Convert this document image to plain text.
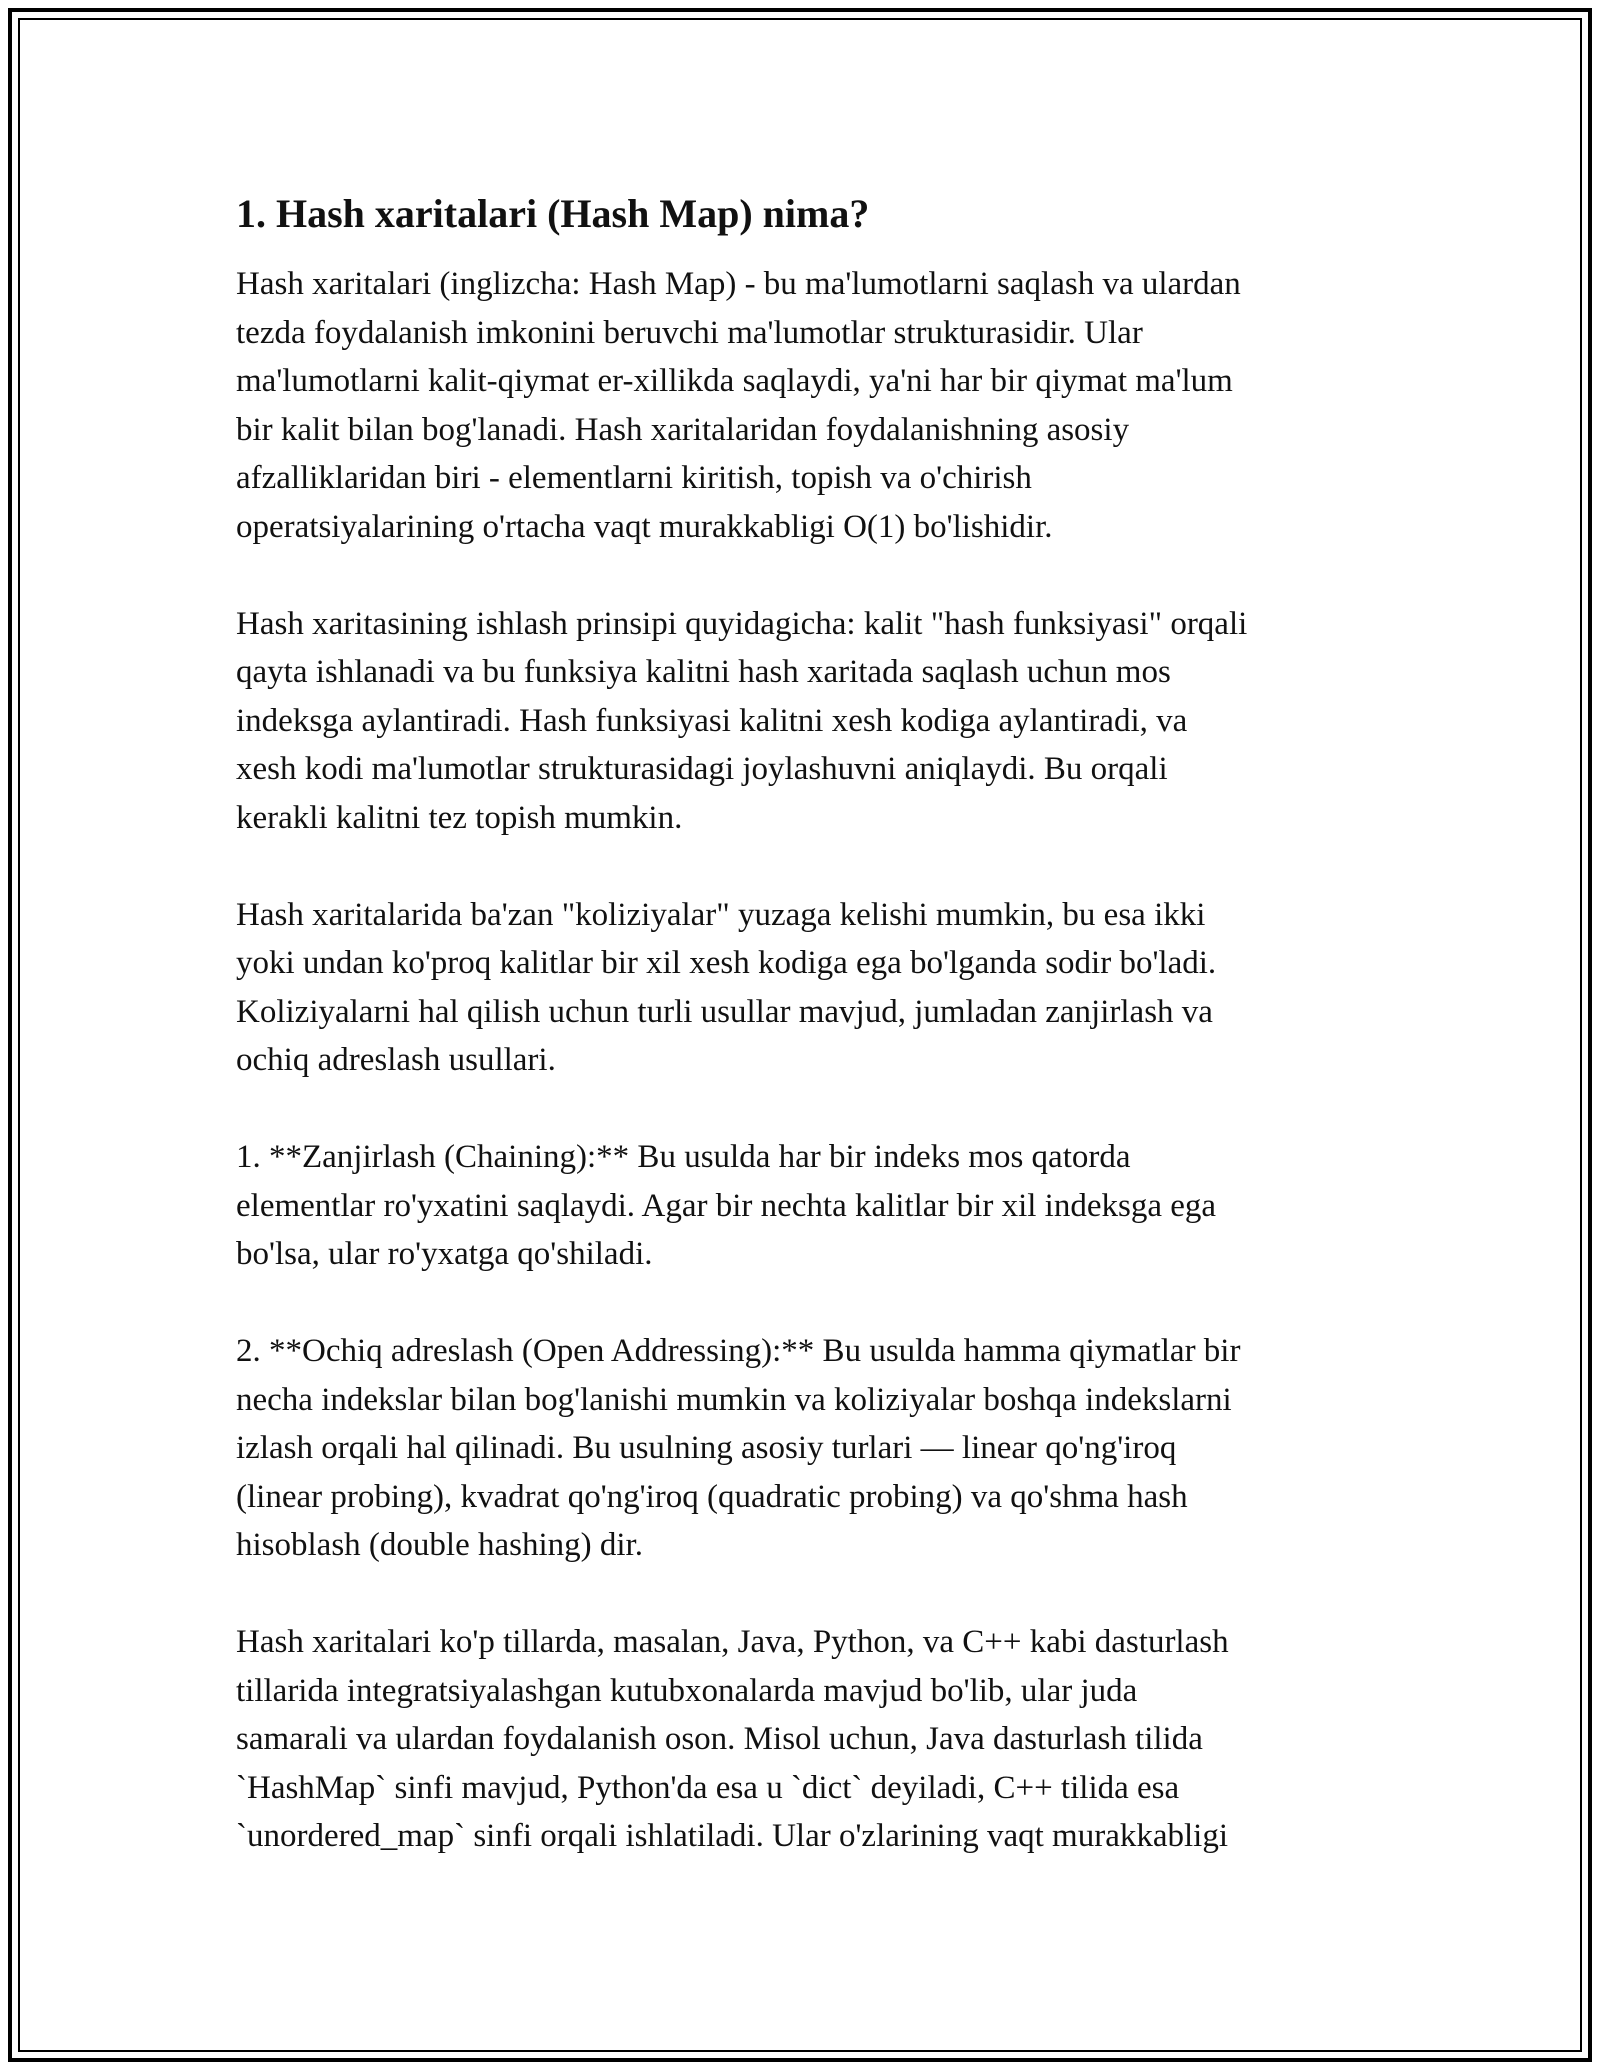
1. Hash xaritalari (Hash Map) nima?

Hash xaritalari (inglizcha: Hash Map) - bu ma'lumotlarni saqlash va ulardan
tezda foydalanish imkonini beruvchi ma'lumotlar strukturasidir. Ular
ma'lumotlarni kalit-qiymat er-xillikda saqlaydi, ya'ni har bir qiymat ma'lum
bir kalit bilan bog'lanadi. Hash xaritalaridan foydalanishning asosiy
afzalliklaridan biri - elementlarni kiritish, topish va o'chirish
operatsiyalarining o'rtacha vaqt murakkabligi O(1) bo'lishidir.

Hash xaritasining ishlash prinsipi quyidagicha: kalit "hash funksiyasi" orqali
qayta ishlanadi va bu funksiya kalitni hash xaritada saqlash uchun mos
indeksga aylantiradi. Hash funksiyasi kalitni xesh kodiga aylantiradi, va
xesh kodi ma'lumotlar strukturasidagi joylashuvni aniqlaydi. Bu orqali
kerakli kalitni tez topish mumkin.

Hash xaritalarida ba'zan "koliziyalar" yuzaga kelishi mumkin, bu esa ikki
yoki undan ko'proq kalitlar bir xil xesh kodiga ega bo'lganda sodir bo'ladi.
Koliziyalarni hal qilish uchun turli usullar mavjud, jumladan zanjirlash va
ochiq adreslash usullari.

1. **Zanjirlash (Chaining):** Bu usulda har bir indeks mos qatorda
elementlar ro'yxatini saqlaydi. Agar bir nechta kalitlar bir xil indeksga ega
bo'lsa, ular ro'yxatga qo'shiladi.

2. **Ochiq adreslash (Open Addressing):** Bu usulda hamma qiymatlar bir
necha indekslar bilan bog'lanishi mumkin va koliziyalar boshqa indekslarni
izlash orqali hal qilinadi. Bu usulning asosiy turlari — linear qo'ng'iroq
(linear probing), kvadrat qo'ng'iroq (quadratic probing) va qo'shma hash
hisoblash (double hashing) dir.

Hash xaritalari ko'p tillarda, masalan, Java, Python, va C++ kabi dasturlash
tillarida integratsiyalashgan kutubxonalarda mavjud bo'lib, ular juda
samarali va ulardan foydalanish oson. Misol uchun, Java dasturlash tilida
`HashMap` sinfi mavjud, Python'da esa u `dict` deyiladi, C++ tilida esa
`unordered_map` sinfi orqali ishlatiladi. Ular o'zlarining vaqt murakkabligi
